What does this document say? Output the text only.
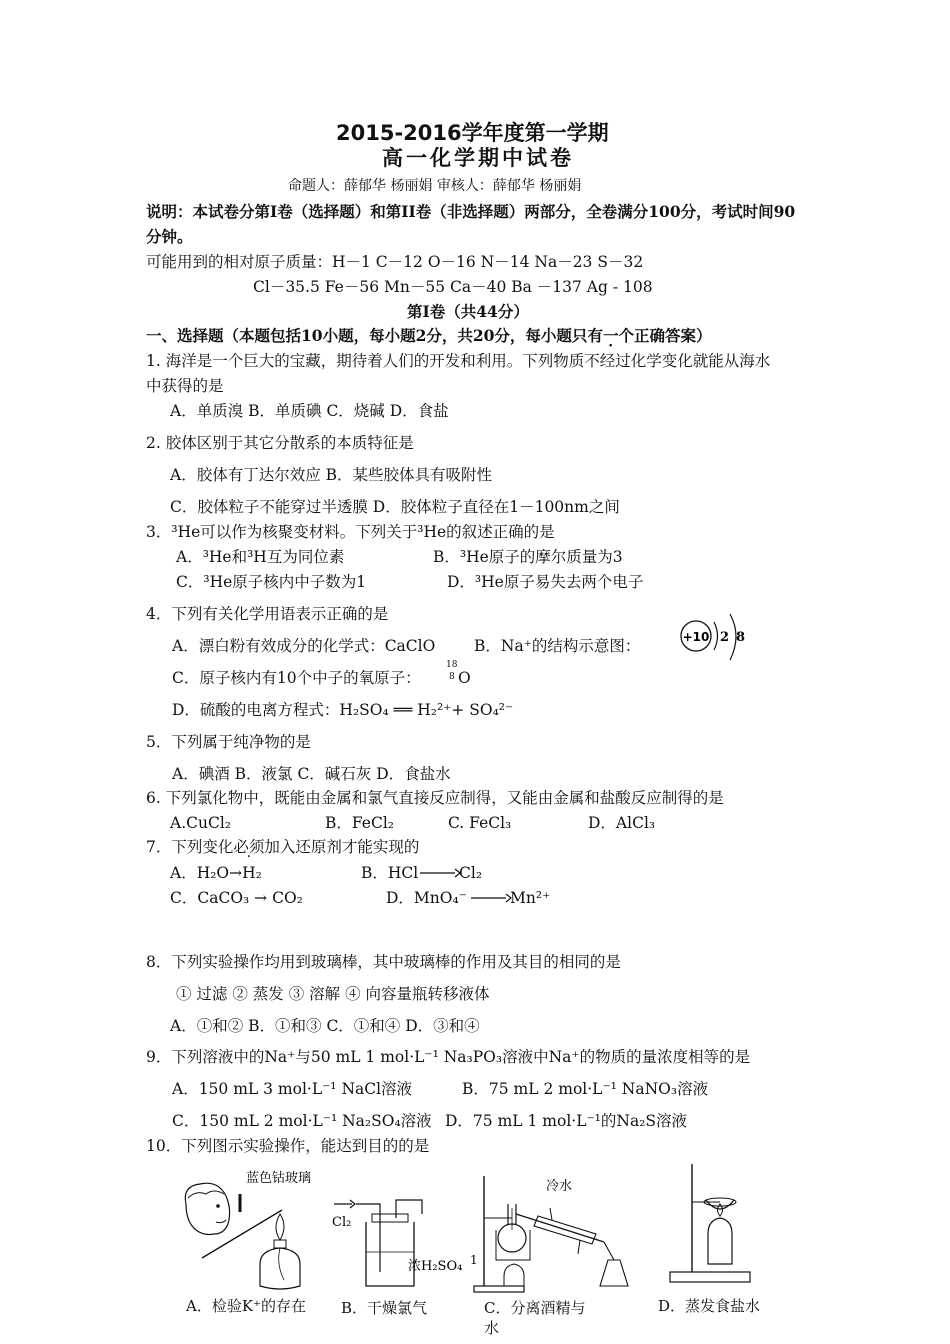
2015-2016学年度第一学期
高一化学期中试卷
命题人：薛郁华 杨丽娟 审核人：薛郁华 杨丽娟
说明：本试卷分第I卷（选择题）和第II卷（非选择题）两部分，全卷满分100分，考试时间90
分钟。
可能用到的相对原子质量：H－1 C－12 O－16 N－14 Na－23 S－32
Cl－35.5 Fe－56 Mn－55 Ca－40 Ba －137 Ag - 108
第I卷（共44分）
一、选择题（本题包括10小题，每小题2分，共20分，每小题只有一个正确答案）
1. 海洋是一个巨大的宝藏，期待着人们的开发和利用。下列物质不经过化学变化就能从海水
中获得的是
A．单质溴 B．单质碘 C．烧碱 D．食盐
2. 胶体区别于其它分散系的本质特征是
A．胶体有丁达尔效应 B．某些胶体具有吸附性
C．胶体粒子不能穿过半透膜 D．胶体粒子直径在1－100nm之间
3．³He可以作为核聚变材料。下列关于³He的叙述正确的是
A．³He和³H互为同位素	B．³He原子的摩尔质量为3
C．³He原子核内中子数为1	D．³He原子易失去两个电子
4．下列有关化学用语表示正确的是
A．漂白粉有效成分的化学式：CaClO B．Na⁺的结构示意图：	+10 2 8
C．原子核内有10个中子的氧原子：
18
8 O
D．硫酸的电离方程式：H₂SO₄ ══ H₂²⁺+ SO₄²⁻
5．下列属于纯净物的是
A．碘酒 B．液氯 C．碱石灰 D．食盐水
6. 下列氯化物中，既能由金属和氯气直接反应制得，又能由金属和盐酸反应制得的是
A.CuCl₂	B．FeCl₂	C. FeCl₃	D．AlCl₃
7．下列变化必须加入还原剂才能实现的
A．H₂O→H₂	B．HCl	Cl₂
C．CaCO₃ → CO₂	D．MnO₄⁻	Mn²⁺
8．下列实验操作均用到玻璃棒，其中玻璃棒的作用及其目的相同的是
① 过滤 ② 蒸发 ③ 溶解 ④ 向容量瓶转移液体
A．①和② B．①和③ C．①和④ D．③和④
9．下列溶液中的Na⁺与50 mL 1 mol·L⁻¹ Na₃PO₃溶液中Na⁺的物质的量浓度相等的是
A．150 mL 3 mol·L⁻¹ NaCl溶液	B．75 mL 2 mol·L⁻¹ NaNO₃溶液
C．150 mL 2 mol·L⁻¹ Na₂SO₄溶液 D．75 mL 1 mol·L⁻¹的Na₂S溶液
10．下列图示实验操作，能达到目的的是
蓝色钴玻璃
Cl₂
浓H₂SO₄
冷水
1
A．检验K⁺的存在 B．干燥氯气	C．分离酒精与
水
D．蒸发食盐水
